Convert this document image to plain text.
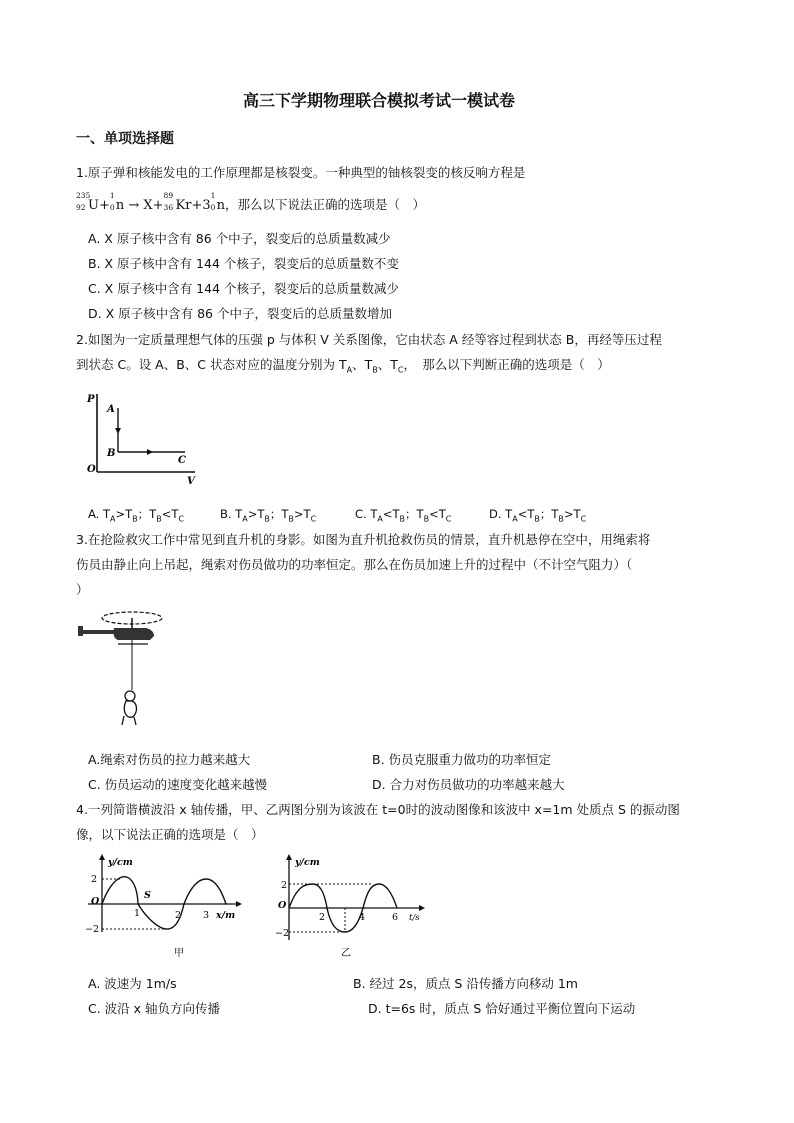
高三下学期物理联合模拟考试一模试卷
一、单项选择题
1.原子弹和核能发电的工作原理都是核裂变。一种典型的铀核裂变的核反响方程是
235
92 U+
1
0 n → X+
89
36 Kr+3
1
0 n，那么以下说法正确的选项是（　）
A. X 原子核中含有 86 个中子，裂变后的总质量数减少
B. X 原子核中含有 144 个核子，裂变后的总质量数不变
C. X 原子核中含有 144 个核子，裂变后的总质量数减少
D. X 原子核中含有 86 个中子，裂变后的总质量数增加
2.如图为一定质量理想气体的压强 p 与体积 V 关系图像，它由状态 A 经等容过程到状态 B，再经等压过程
到状态 C。设 A、B、C 状态对应的温度分别为 $T_A$、$T_B$、$T_C$，　那么以下判断正确的选项是（　）
P
V
O
A
B
C
A. $T_A>T_B$；$T_B<T_C$	B. $T_A>T_B$；$T_B>T_C$	C. $T_A<T_B$；$T_B<T_C$	D. $T_A<T_B$；$T_B>T_C$
3.在抢险救灾工作中常见到直升机的身影。如图为直升机抢救伤员的情景，直升机悬停在空中，用绳索将
伤员由静止向上吊起，绳索对伤员做功的功率恒定。那么在伤员加速上升的过程中（不计空气阻力）（
）
A.绳索对伤员的拉力越来越大	B. 伤员克服重力做功的功率恒定
C. 伤员运动的速度变化越来越慢	D. 合力对伤员做功的功率越来越大
4.一列简谐横波沿 x 轴传播，甲、乙两图分别为该波在 t=0时的波动图像和该波中 x=1m 处质点 S 的振动图
像，以下说法正确的选项是（　）
y/cm
x/m
2
−2
O
1	2 3
S
甲
y/cm
t/s
2
−2
O
2	4	6
乙
A. 波速为 1m/s	B. 经过 2s，质点 S 沿传播方向移动 1m
C. 波沿 x 轴负方向传播	D. t=6s 时，质点 S 恰好通过平衡位置向下运动
